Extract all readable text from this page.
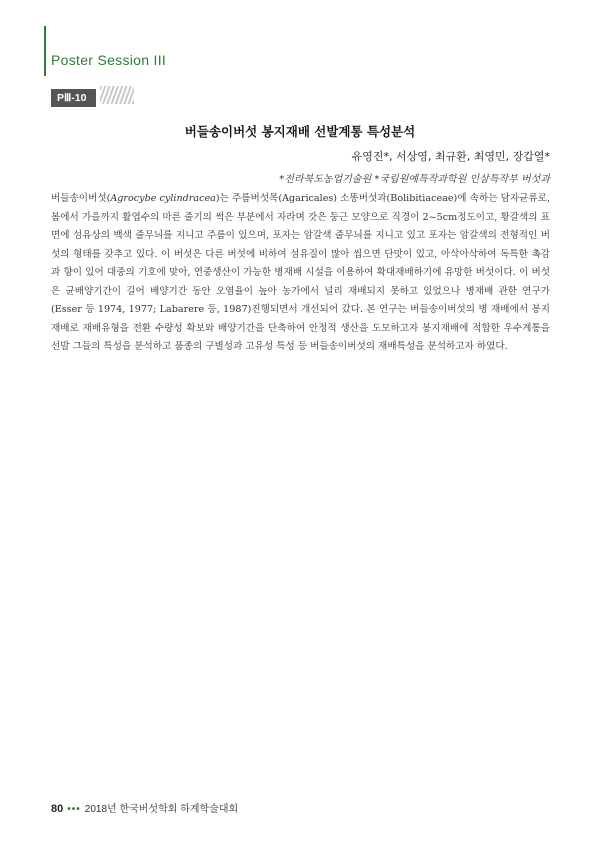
Poster Session III
PⅢ-10
버들송이버섯 봉지재배 선발계통 특성분석
유영진*, 서상영, 최규환, 최영민, 장갑열*
*전라북도농업기술원 *국립원예특작과학원 인삼특작부 버섯과

버들송이버섯(Agrocybe cylindracea)는 주름버섯목(Agaricales) 소똥버섯과(Bolibitiaceae)에 속하는 담자균류로, 봄에서 가을까지 활엽수의 마른 줄기의 썩은 부분에서 자라며 갓은 둥근 모양으로 직경이 2~5cm정도이고, 황갈색의 표면에 섬유상의 백색 줄무늬를 지니고 주름이 있으며, 포자는 암갈색 줄무늬를 지니고 있고 포자는 암갈색의 전형적인 버섯의 형태를 갖추고 있다. 이 버섯은 다른 버섯에 비하여 섬유질이 많아 씹으면 단맛이 있고, 아삭아삭하여 독특한 촉감과 향이 있어 대중의 기호에 맞아, 연중생산이 가능한 병재배 시설을 이용하여 확대재배하기에 유망한 버섯이다. 이 버섯은 균배양기간이 길어 배양기간 동안 오염율이 높아 농가에서 널리 재배되지 못하고 있었으나 병재배 관한 연구가(Esser 등 1974, 1977; Labarere 등, 1987)진행되면서 개선되어 갔다. 본 연구는 버들송이버섯의 병 재배에서 봉지재배로 재배유형을 전환 수량성 확보와 배양기간을 단축하여 안정적 생산을 도모하고자 봉지재배에 적합한 우수계통을 선발 그들의 특성을 분석하고 품종의 구별성과 고유성 특성 등 버들송이버섯의 재배특성을 분석하고자 하였다.

80 ••• 2018년 한국버섯학회 하계학술대회
